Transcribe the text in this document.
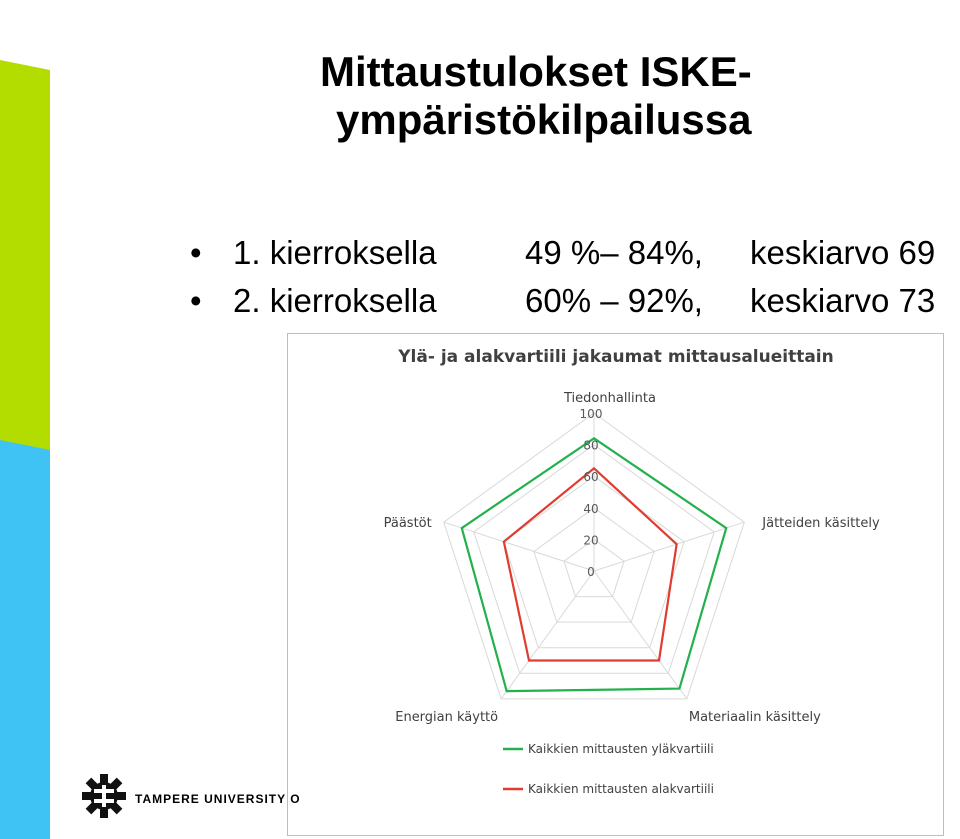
Mittaustulokset ISKE-
ympäristökilpailussa
• 1. kierroksella	49 %– 84%, keskiarvo 69
• 2. kierroksella	60% – 92%, keskiarvo 73
Ylä- ja alakvartiili jakaumat mittausalueittain
0
20
40
60
80
100
Tiedonhallinta
Jätteiden käsittely
Materiaalin käsittely
Energian käyttö
Päästöt
Kaikkien mittausten yläkvartiili
Kaikkien mittausten alakvartiili
TAMPERE UNIVERSITY O
